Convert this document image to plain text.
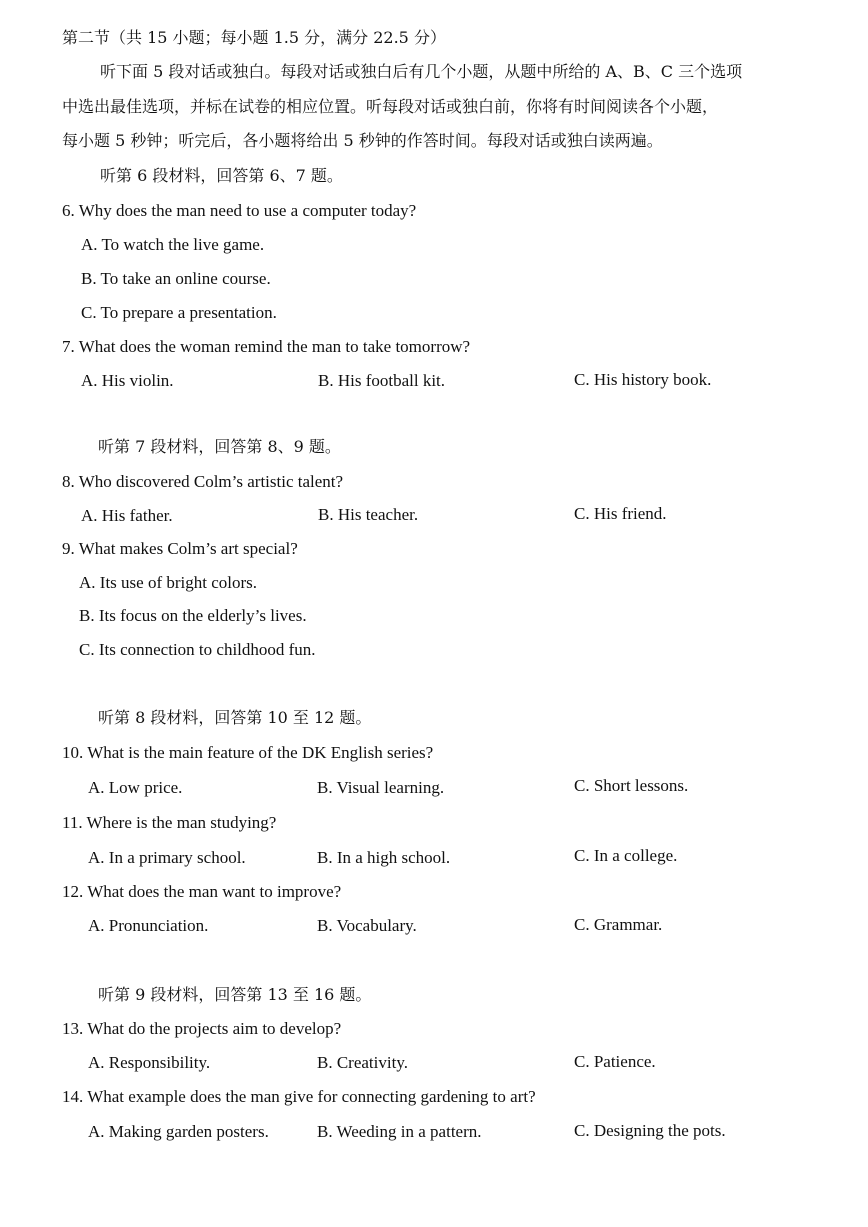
第二节（共 15 小题；每小题 1.5 分，满分 22.5 分）
听下面 5 段对话或独白。每段对话或独白后有几个小题，从题中所给的 A、B、C 三个选项
中选出最佳选项，并标在试卷的相应位置。听每段对话或独白前，你将有时间阅读各个小题，
每小题 5 秒钟；听完后，各小题将给出 5 秒钟的作答时间。每段对话或独白读两遍。
听第 6 段材料，回答第 6、7 题。
6. Why does the man need to use a computer today?
A. To watch the live game.
B. To take an online course.
C. To prepare a presentation.
7. What does the woman remind the man to take tomorrow?
A. His violin.	B. His football kit.	C. His history book.
听第 7 段材料，回答第 8、9 题。
8. Who discovered Colm’s artistic talent?
A. His father.	B. His teacher.	C. His friend.
9. What makes Colm’s art special?
A. Its use of bright colors.
B. Its focus on the elderly’s lives.
C. Its connection to childhood fun.
听第 8 段材料，回答第 10 至 12 题。
10. What is the main feature of the DK English series?
A. Low price.	B. Visual learning.	C. Short lessons.
11. Where is the man studying?
A. In a primary school.	B. In a high school.	C. In a college.
12. What does the man want to improve?
A. Pronunciation.	B. Vocabulary.	C. Grammar.
听第 9 段材料，回答第 13 至 16 题。
13. What do the projects aim to develop?
A. Responsibility.	B. Creativity.	C. Patience.
14. What example does the man give for connecting gardening to art?
A. Making garden posters.	B. Weeding in a pattern.	C. Designing the pots.
